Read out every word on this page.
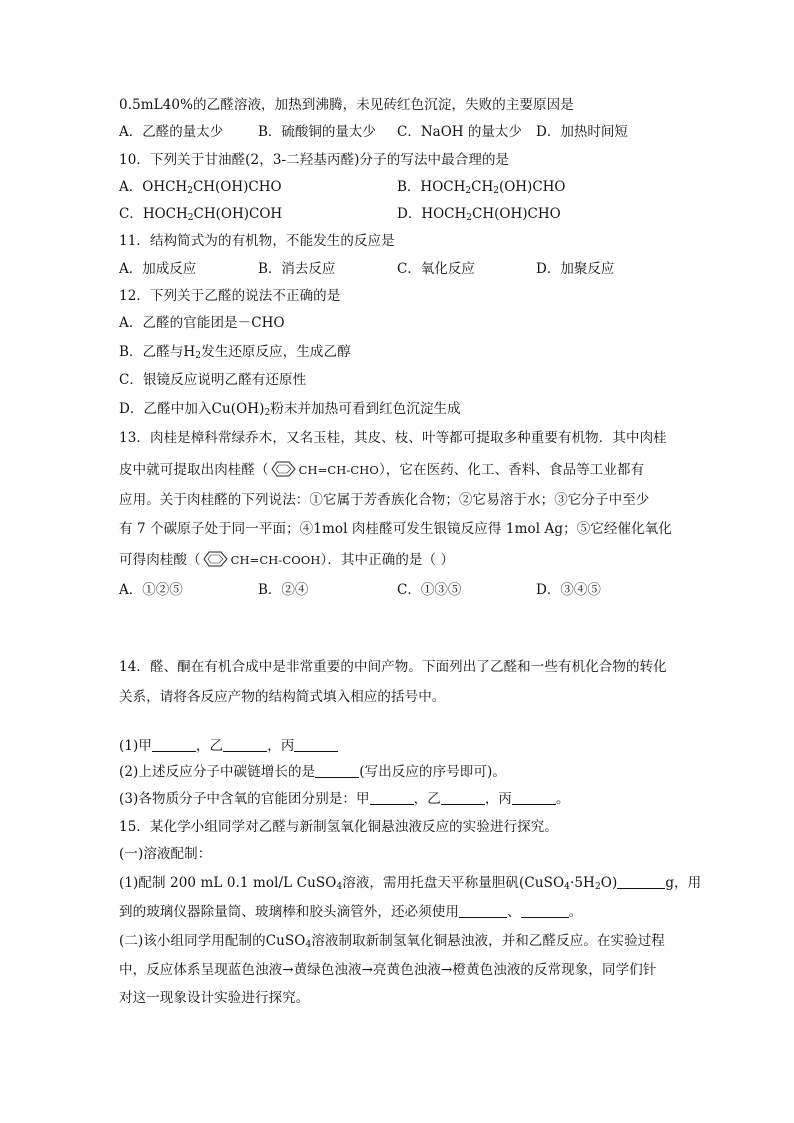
0.5mL40%的乙醛溶液，加热到沸腾，未见砖红色沉淀，失败的主要原因是
A．乙醛的量太少	B．硫酸铜的量太少 C．NaOH 的量太少 D．加热时间短
10．下列关于甘油醛(2，3-二羟基丙醛)分子的写法中最合理的是
A．$OHCH_2CH(OH)CHO$	B．$HOCH_2CH_2(OH)CHO$
C．$HOCH_2CH(OH)COH$	D．$HOCH_2CH(OH)CHO$
11．结构简式为的有机物，不能发生的反应是
A．加成反应	B．消去反应	C．氧化反应	D．加聚反应
12．下列关于乙醛的说法不正确的是
A．乙醛的官能团是－CHO
B．乙醛与$H_2$发生还原反应，生成乙醇
C．银镜反应说明乙醛有还原性
D．乙醛中加入$Cu(OH)_2$粉末并加热可看到红色沉淀生成
13．肉桂是樟科常绿乔木，又名玉桂，其皮、枝、叶等都可提取多种重要有机物．其中肉桂
皮中就可提取出肉桂醛（	CH=CH-CHO），它在医药、化工、香料、食品等工业都有
应用。关于肉桂醛的下列说法：①它属于芳香族化合物；②它易溶于水；③它分子中至少
有 7 个碳原子处于同一平面；④1mol 肉桂醛可发生银镜反应得 1mol Ag；⑤它经催化氧化
可得肉桂酸（	CH=CH-COOH）．其中正确的是（ ）
A．①②⑤	B．②④	C．①③⑤	D．③④⑤
14．醛、酮在有机合成中是非常重要的中间产物。下面列出了乙醛和一些有机化合物的转化
关系，请将各反应产物的结构简式填入相应的括号中。
(1)甲	，乙	，丙
(2)上述反应分子中碳链增长的是	(写出反应的序号即可)。
(3)各物质分子中含氧的官能团分别是：甲	，乙	，丙	。
15．某化学小组同学对乙醛与新制氢氧化铜悬浊液反应的实验进行探究。
(一)溶液配制：
(1)配制 200 mL 0.1 mol/L CuSO$_4$溶液，需用托盘天平称量胆矾$(CuSO_4\cdot 5H_2O)$	g，用
到的玻璃仪器除量筒、玻璃棒和胶头滴管外，还必须使用	、	。
(二)该小组同学用配制的CuSO$_4$溶液制取新制氢氧化铜悬浊液，并和乙醛反应。在实验过程
中，反应体系呈现蓝色浊液→黄绿色浊液→亮黄色浊液→橙黄色浊液的反常现象，同学们针
对这一现象设计实验进行探究。
